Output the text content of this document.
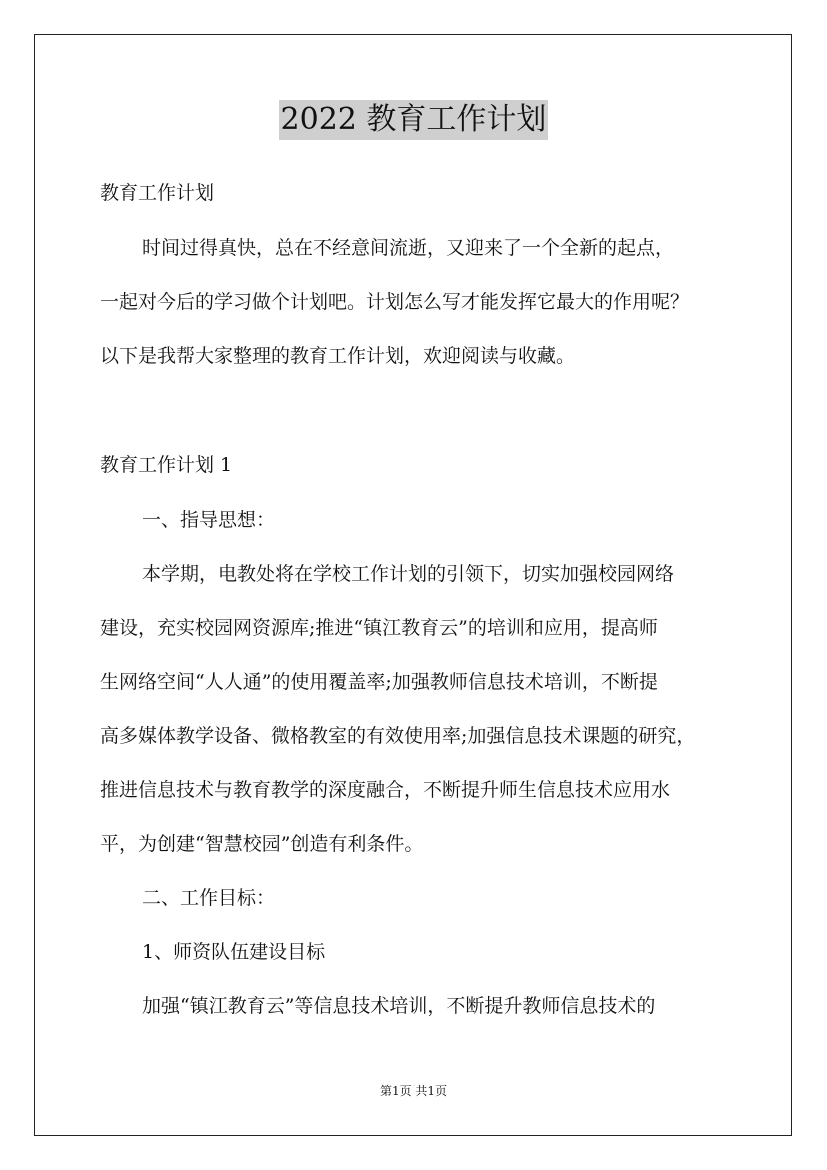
2022 教育工作计划
教育工作计划
时间过得真快，总在不经意间流逝，又迎来了一个全新的起点，
一起对今后的学习做个计划吧。计划怎么写才能发挥它最大的作用呢？
以下是我帮大家整理的教育工作计划，欢迎阅读与收藏。
教育工作计划 1
一、指导思想：
本学期，电教处将在学校工作计划的引领下，切实加强校园网络
建设，充实校园网资源库;推进“镇江教育云”的培训和应用，提高师
生网络空间“人人通”的使用覆盖率;加强教师信息技术培训，不断提
高多媒体教学设备、微格教室的有效使用率;加强信息技术课题的研究，
推进信息技术与教育教学的深度融合，不断提升师生信息技术应用水
平，为创建“智慧校园”创造有利条件。
二、工作目标：
1、师资队伍建设目标
加强“镇江教育云”等信息技术培训，不断提升教师信息技术的
第1页 共1页
